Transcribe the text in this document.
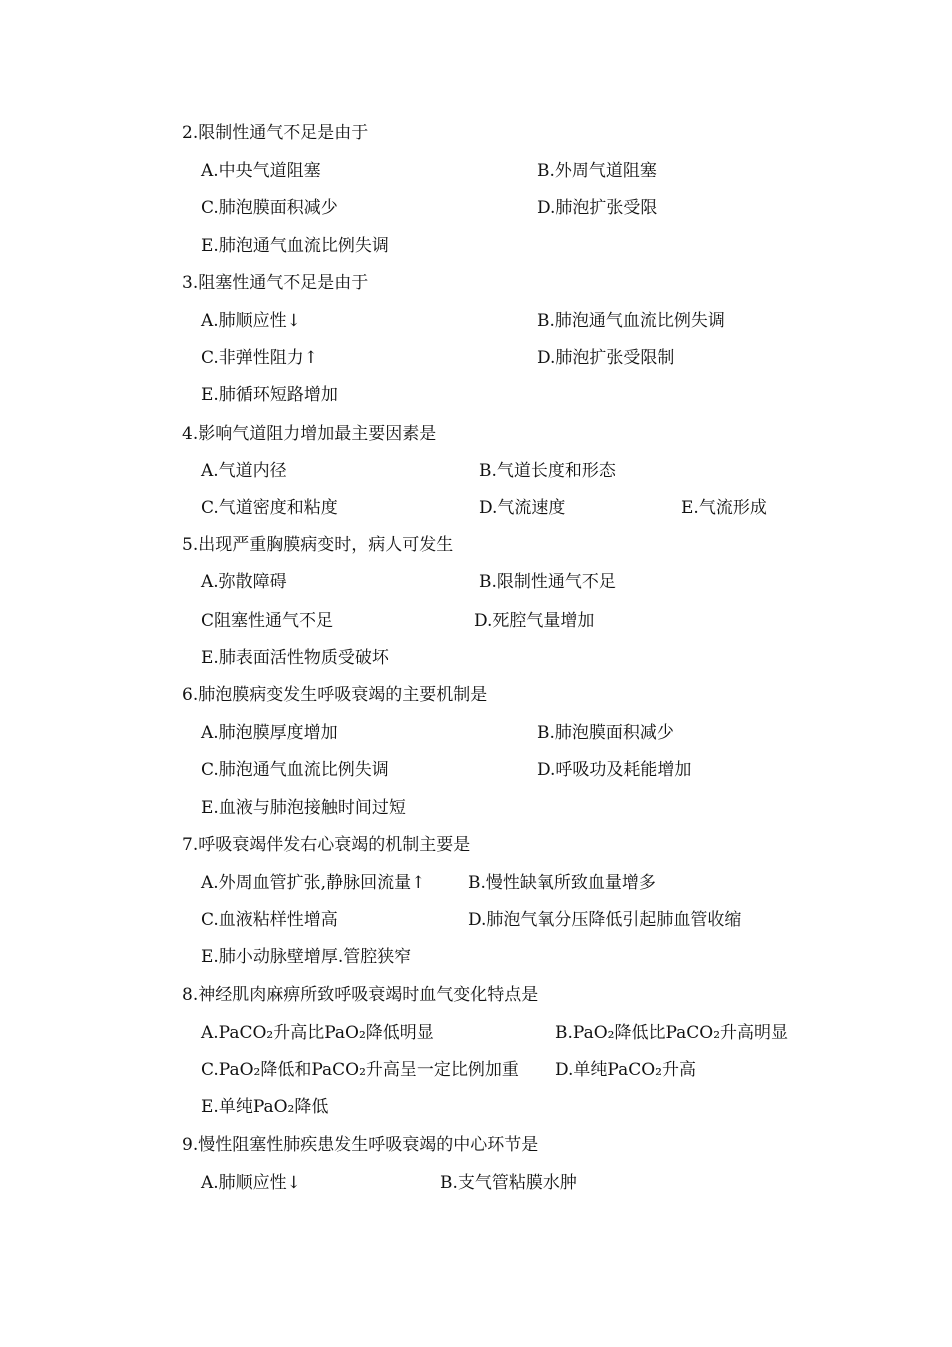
2.限制性通气不足是由于
A.中央气道阻塞	B.外周气道阻塞
C.肺泡膜面积减少	D.肺泡扩张受限
E.肺泡通气血流比例失调
3.阻塞性通气不足是由于
A.肺顺应性↓	B.肺泡通气血流比例失调
C.非弹性阻力↑	D.肺泡扩张受限制
E.肺循环短路增加
4.影响气道阻力增加最主要因素是
A.气道内径	B.气道长度和形态
C.气道密度和粘度	D.气流速度	E.气流形成
5.出现严重胸膜病变时，病人可发生
A.弥散障碍	B.限制性通气不足
C阻塞性通气不足	D.死腔气量增加
E.肺表面活性物质受破坏
6.肺泡膜病变发生呼吸衰竭的主要机制是
A.肺泡膜厚度增加	B.肺泡膜面积减少
C.肺泡通气血流比例失调	D.呼吸功及耗能增加
E.血液与肺泡接触时间过短
7.呼吸衰竭伴发右心衰竭的机制主要是
A.外周血管扩张,静脉回流量↑	B.慢性缺氧所致血量增多
C.血液粘样性增高	D.肺泡气氧分压降低引起肺血管收缩
E.肺小动脉壁增厚.管腔狭窄
8.神经肌肉麻痹所致呼吸衰竭时血气变化特点是
A.PaCO₂升高比PaO₂降低明显	B.PaO₂降低比PaCO₂升高明显
C.PaO₂降低和PaCO₂升高呈一定比例加重 D.单纯PaCO₂升高
E.单纯PaO₂降低
9.慢性阻塞性肺疾患发生呼吸衰竭的中心环节是
A.肺顺应性↓	B.支气管粘膜水肿
